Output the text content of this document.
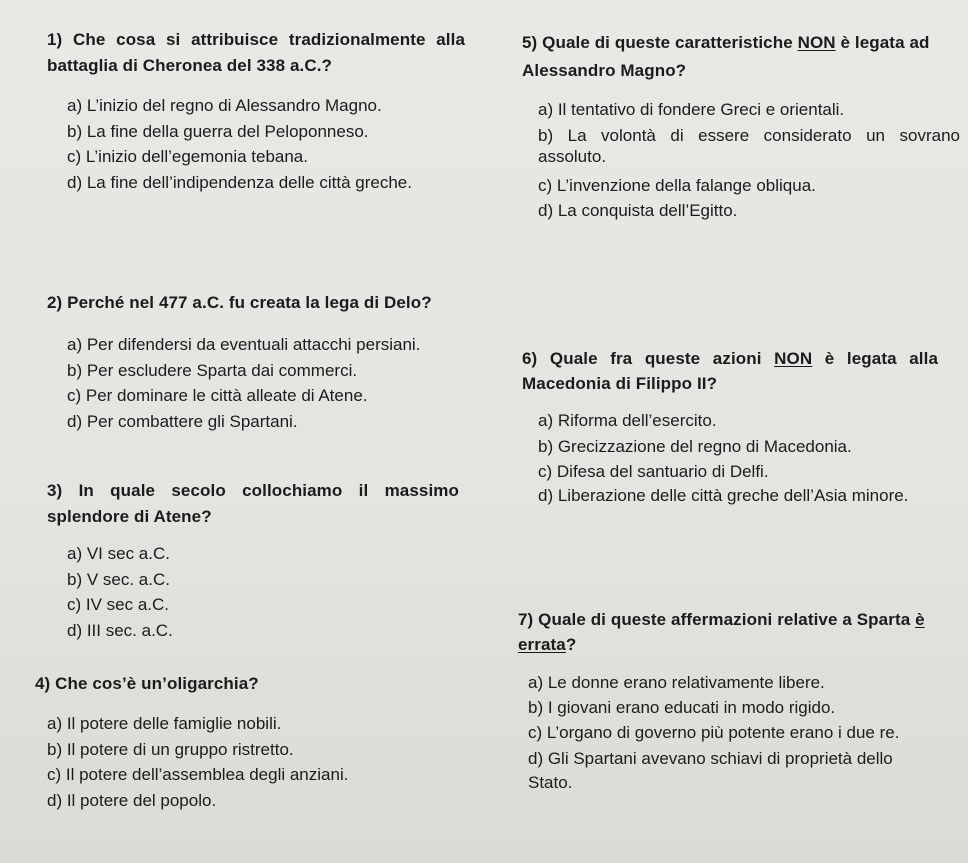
1) Che cosa si attribuisce tradizionalmente alla battaglia di Cheronea del 338 a.C.?

a) L’inizio del regno di Alessandro Magno.
b) La fine della guerra del Peloponneso.
c) L’inizio dell’egemonia tebana.
d) La fine dell’indipendenza delle città greche.

2) Perché nel 477 a.C. fu creata la lega di Delo?

a) Per difendersi da eventuali attacchi persiani.
b) Per escludere Sparta dai commerci.
c) Per dominare le città alleate di Atene.
d) Per combattere gli Spartani.

3) In quale secolo collochiamo il massimo splendore di Atene?

a) VI sec a.C.
b) V sec. a.C.
c) IV sec a.C.
d) III sec. a.C.

4) Che cos’è un’oligarchia?

a) Il potere delle famiglie nobili.
b) Il potere di un gruppo ristretto.
c) Il potere dell’assemblea degli anziani.
d) Il potere del popolo.

5) Quale di queste caratteristiche NON è legata ad Alessandro Magno?

a) Il tentativo di fondere Greci e orientali.
b) La volontà di essere considerato un sovrano assoluto.
c) L’invenzione della falange obliqua.
d) La conquista dell’Egitto.

6) Quale fra queste azioni NON è legata alla Macedonia di Filippo II?

a) Riforma dell’esercito.
b) Grecizzazione del regno di Macedonia.
c) Difesa del santuario di Delfi.
d) Liberazione delle città greche dell’Asia minore.

7) Quale di queste affermazioni relative a Sparta è errata?

a) Le donne erano relativamente libere.
b) I giovani erano educati in modo rigido.
c) L’organo di governo più potente erano i due re.
d) Gli Spartani avevano schiavi di proprietà dello Stato.
